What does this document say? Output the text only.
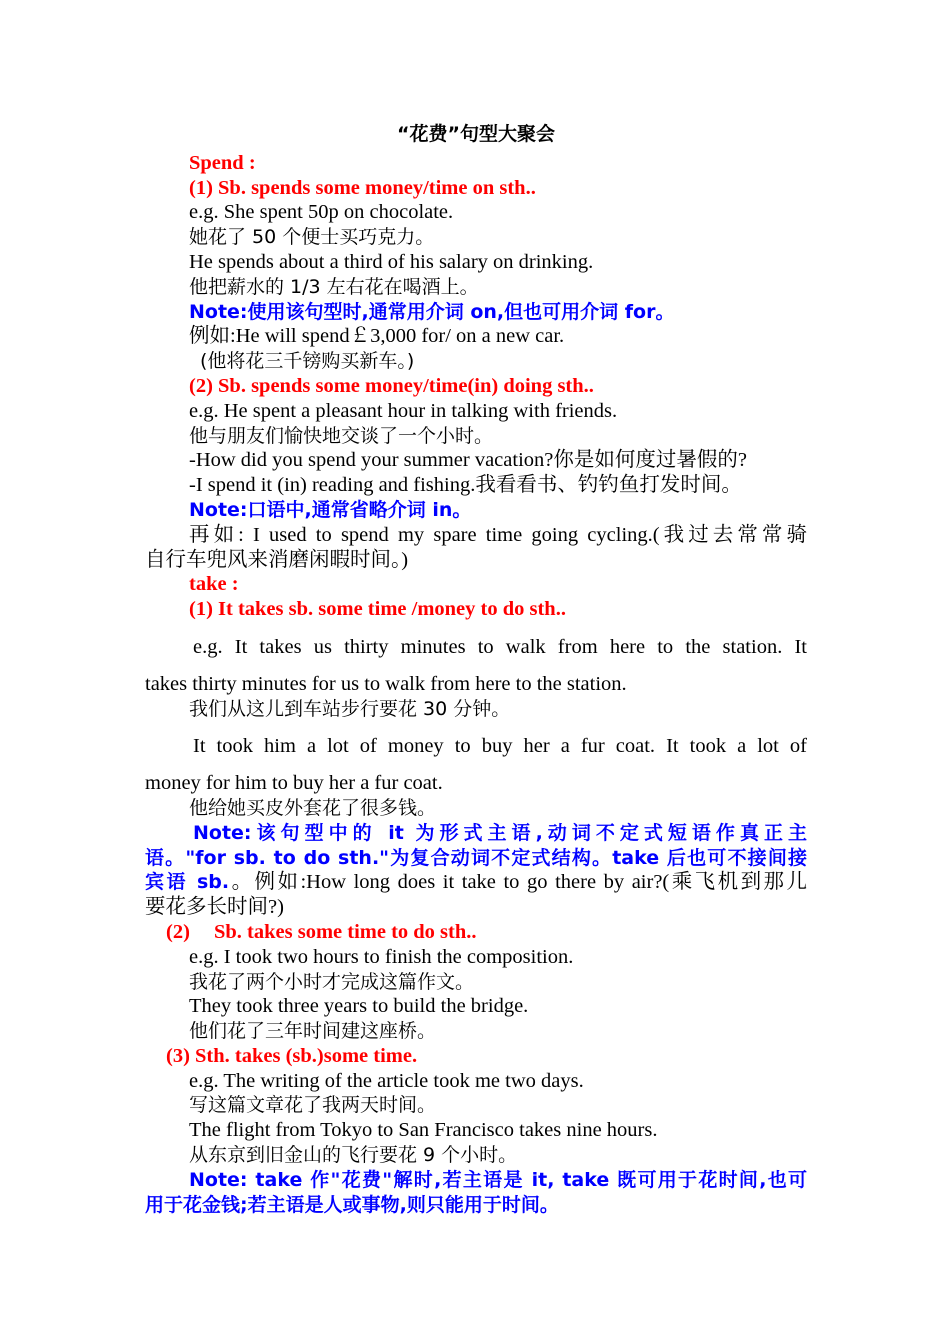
“花费”句型大聚会

Spend :

(1) Sb. spends some money/time on sth..

e.g. She spent 50p on chocolate.

她花了 50 个便士买巧克力。

He spends about a third of his salary on drinking.

他把薪水的 1/3 左右花在喝酒上。

Note:使用该句型时,通常用介词 on,但也可用介词 for。

例如:He will spend￡3,000 for/ on a new car.

(他将花三千镑购买新车。)

(2) Sb. spends some money/time(in) doing sth..

e.g. He spent a pleasant hour in talking with friends.

他与朋友们愉快地交谈了一个小时。

-How did you spend your summer vacation?你是如何度过暑假的?

-I spend it (in) reading and fishing.我看看书、钓钓鱼打发时间。

Note:口语中,通常省略介词 in。

再如: I used to spend my spare time going cycling.(我过去常常骑

自行车兜风来消磨闲暇时间。)

take :

(1) It takes sb. some time /money to do sth..

e.g. It takes us thirty minutes to walk from here to the station. It

takes thirty minutes for us to walk from here to the station.

我们从这儿到车站步行要花 30 分钟。

It took him a lot of money to buy her a fur coat. It took a lot of

money for him to buy her a fur coat.

他给她买皮外套花了很多钱。

Note:该句型中的 it 为形式主语,动词不定式短语作真正主

语。"for sb. to do sth."为复合动词不定式结构。take 后也可不接间接

宾语 sb.。例如:How long does it take to go there by air?(乘飞机到那儿

要花多长时间?)

(2) Sb. takes some time to do sth..

e.g. I took two hours to finish the composition.

我花了两个小时才完成这篇作文。

They took three years to build the bridge.

他们花了三年时间建这座桥。

(3) Sth. takes (sb.)some time.

e.g. The writing of the article took me two days.

写这篇文章花了我两天时间。

The flight from Tokyo to San Francisco takes nine hours.

从东京到旧金山的飞行要花 9 个小时。

Note: take 作"花费"解时,若主语是 it, take 既可用于花时间,也可

用于花金钱;若主语是人或事物,则只能用于时间。
